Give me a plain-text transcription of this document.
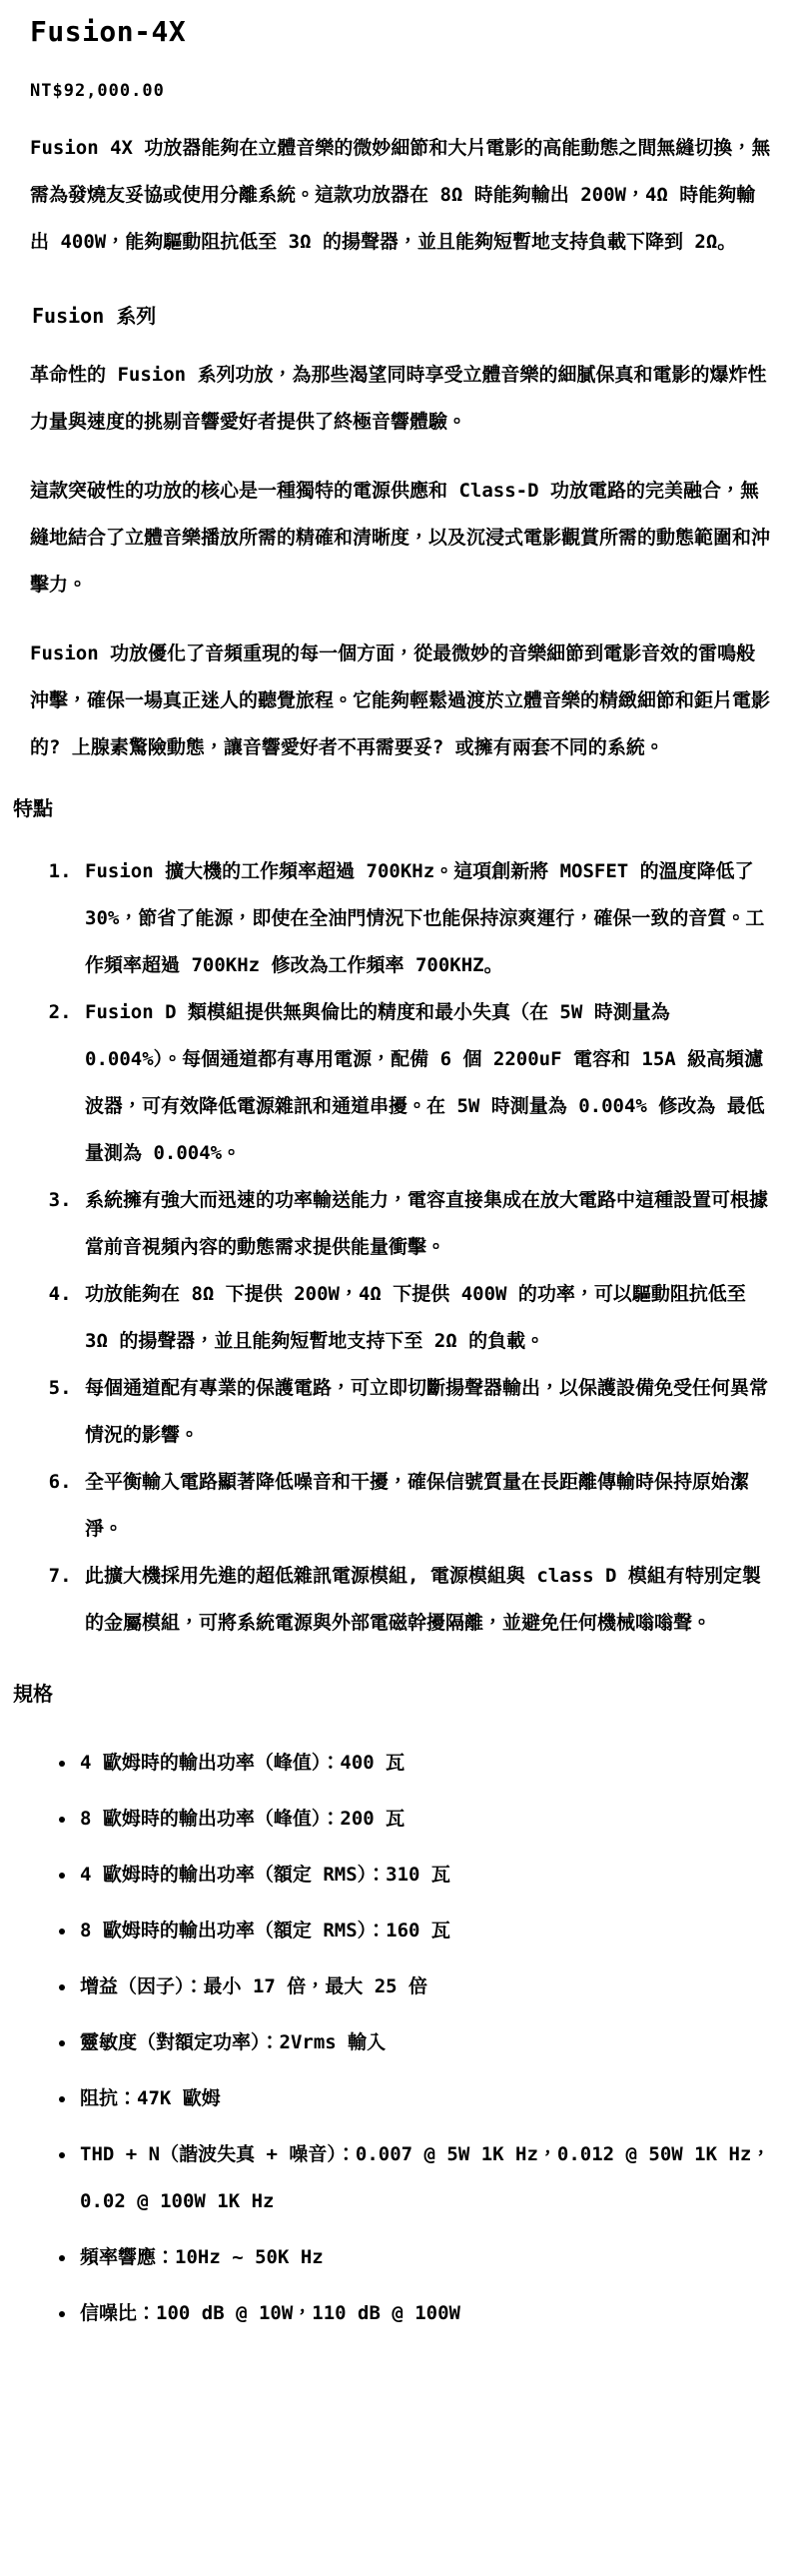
Fusion-4X
NT$92,000.00

Fusion 4X 功放器能夠在立體音樂的微妙細節和大片電影的高能動態之間無縫切換，無需為發燒友妥協或使用分離系統。這款功放器在 8Ω 時能夠輸出 200W，4Ω 時能夠輸出 400W，能夠驅動阻抗低至 3Ω 的揚聲器，並且能夠短暫地支持負載下降到 2Ω。

Fusion 系列

革命性的 Fusion 系列功放，為那些渴望同時享受立體音樂的細膩保真和電影的爆炸性力量與速度的挑剔音響愛好者提供了終極音響體驗。

這款突破性的功放的核心是一種獨特的電源供應和 Class-D 功放電路的完美融合，無縫地結合了立體音樂播放所需的精確和清晰度，以及沉浸式電影觀賞所需的動態範圍和沖擊力。

Fusion 功放優化了音頻重現的每一個方面，從最微妙的音樂細節到電影音效的雷鳴般沖擊，確保一場真正迷人的聽覺旅程。它能夠輕鬆過渡於立體音樂的精緻細節和鉅片電影的? 上腺素驚險動態，讓音響愛好者不再需要妥? 或擁有兩套不同的系統。

特點
1. Fusion 擴大機的工作頻率超過 700KHz。這項創新將 MOSFET 的溫度降低了 30%，節省了能源，即使在全油門情況下也能保持涼爽運行，確保一致的音質。工作頻率超過 700KHz 修改為工作頻率 700KHZ。
2. Fusion D 類模組提供無與倫比的精度和最小失真（在 5W 時測量為 0.004%）。每個通道都有專用電源，配備 6 個 2200uF 電容和 15A 級高頻濾波器，可有效降低電源雜訊和通道串擾。在 5W 時測量為 0.004% 修改為 最低量測為 0.004%。
3. 系統擁有強大而迅速的功率輸送能力，電容直接集成在放大電路中這種設置可根據當前音視頻內容的動態需求提供能量衝擊。
4. 功放能夠在 8Ω 下提供 200W，4Ω 下提供 400W 的功率，可以驅動阻抗低至 3Ω 的揚聲器，並且能夠短暫地支持下至 2Ω 的負載。
5. 每個通道配有專業的保護電路，可立即切斷揚聲器輸出，以保護設備免受任何異常情況的影響。
6. 全平衡輸入電路顯著降低噪音和干擾，確保信號質量在長距離傳輸時保持原始潔淨。
7. 此擴大機採用先進的超低雜訊電源模組, 電源模組與 class D 模組有特別定製的金屬模組，可將系統電源與外部電磁幹擾隔離，並避免任何機械嗡嗡聲。
規格
4 歐姆時的輸出功率（峰值）：400 瓦
8 歐姆時的輸出功率（峰值）：200 瓦
4 歐姆時的輸出功率（額定 RMS）：310 瓦
8 歐姆時的輸出功率（額定 RMS）：160 瓦
增益（因子）：最小 17 倍，最大 25 倍
靈敏度（對額定功率）：2Vrms 輸入
阻抗：47K 歐姆
THD + N（諧波失真 + 噪音）：0.007 @ 5W 1K Hz，0.012 @ 50W 1K Hz，0.02 @ 100W 1K Hz
頻率響應：10Hz ~ 50K Hz
信噪比：100 dB @ 10W，110 dB @ 100W
